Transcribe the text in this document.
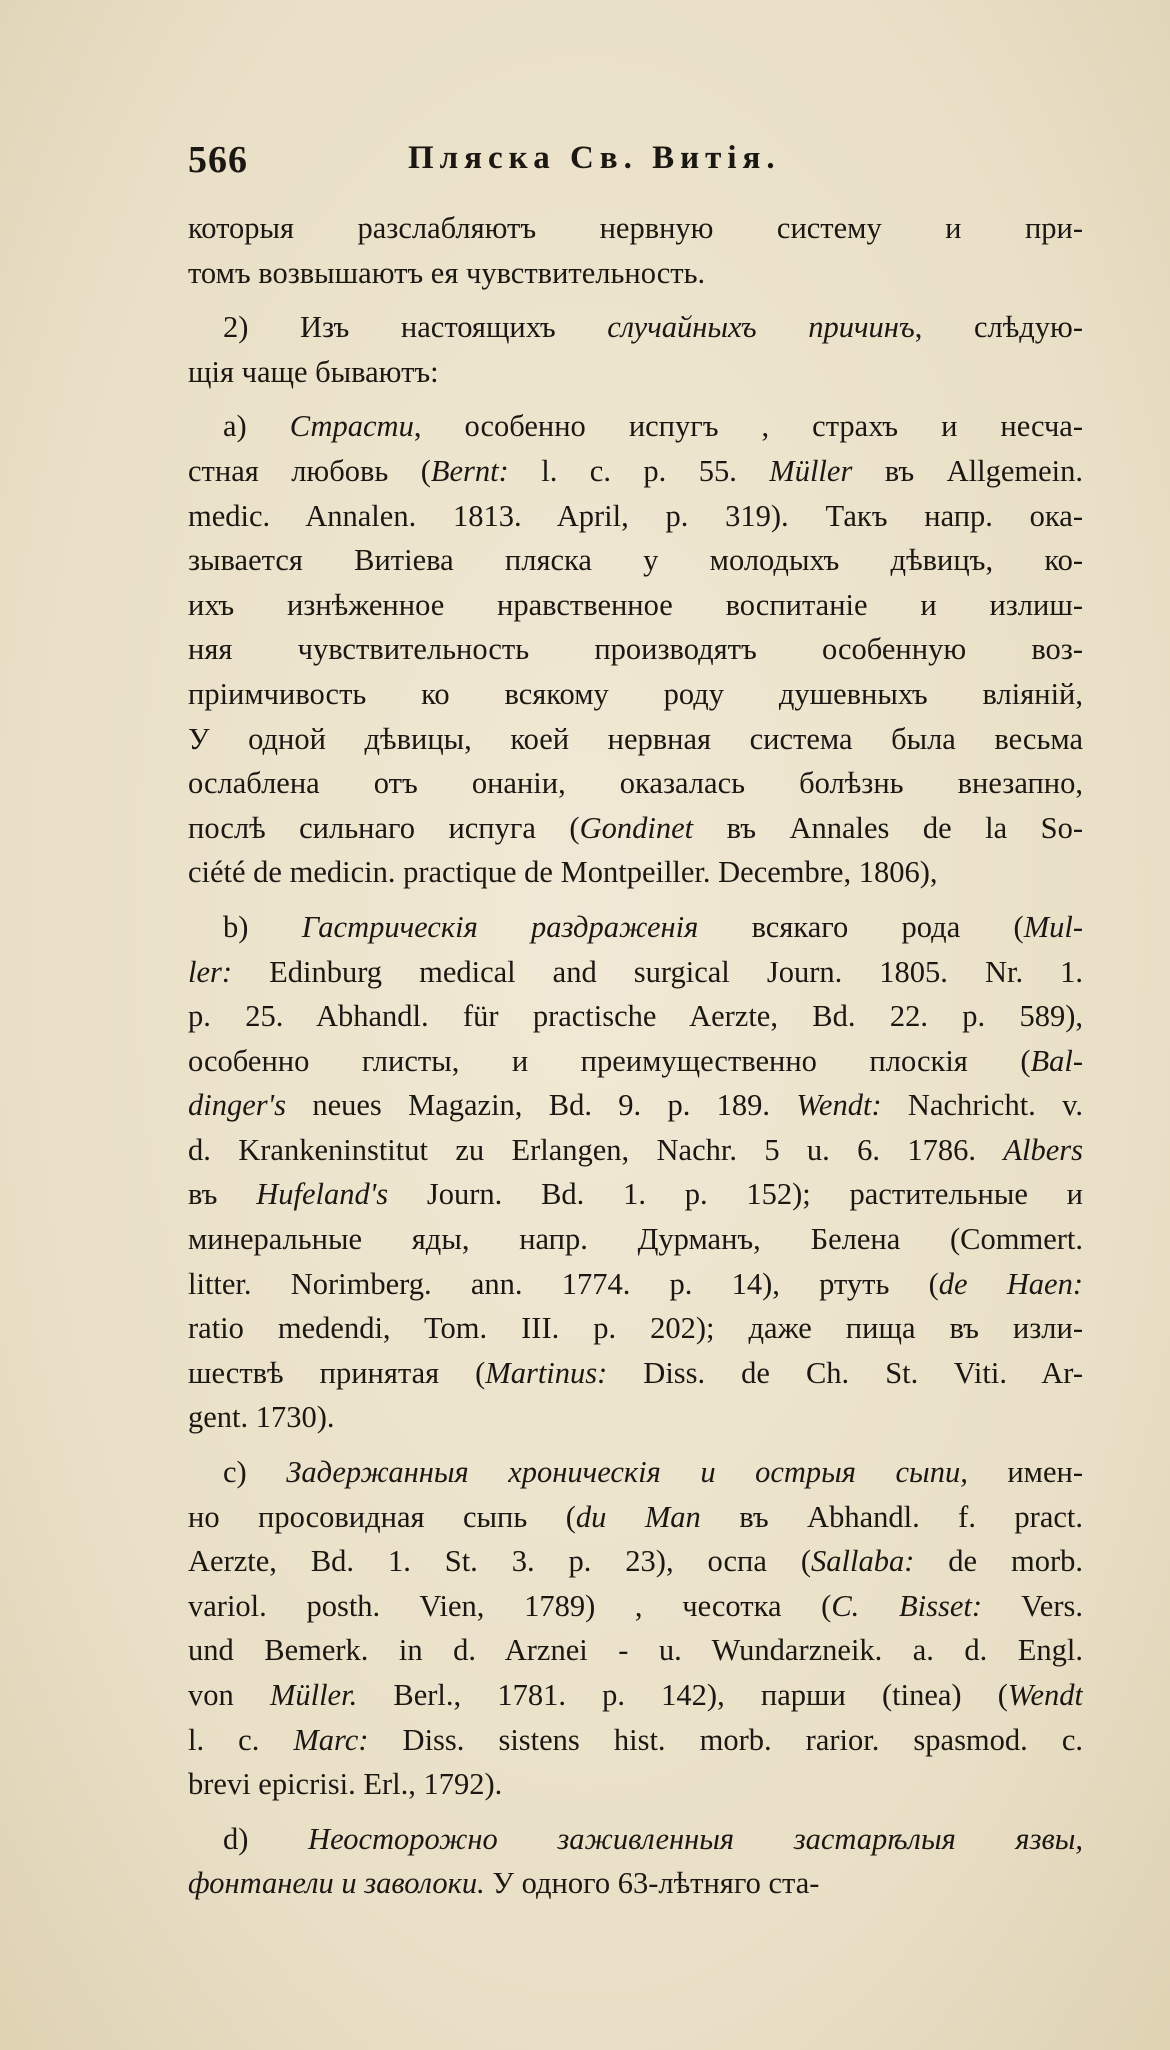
566	Пляска Св. Витія.
которыя разслабляютъ нервную систему и при-
томъ возвышаютъ ея чувствительность.
2) Изъ настоящихъ случайныхъ причинъ, слѣдую-
щія чаще бываютъ:
a) Страсти, особенно испугъ , страхъ и несча-
стная любовь (Bernt: l. c. p. 55. Müller въ Allgemein.
medic. Annalen. 1813. April, p. 319). Такъ напр. ока-
зывается Витіева пляска у молодыхъ дѣвицъ, ко-
ихъ изнѣженное нравственное воспитаніе и излиш-
няя чувствительность производятъ особенную воз-
пріимчивость ко всякому роду душевныхъ вліяній,
У одной дѣвицы, коей нервная система была весьма
ослаблена отъ онаніи, оказалась болѣзнь внезапно,
послѣ сильнаго испуга (Gondinet въ Annales de la So-
ciété de medicin. practique de Montpeiller. Decembre, 1806),
b) Гастрическія раздраженія всякаго рода (Mul-
ler: Edinburg medical and surgical Journ. 1805. Nr. 1.
p. 25. Abhandl. für practische Aerzte, Bd. 22. p. 589),
особенно глисты, и преимущественно плоскія (Bal-
dinger's neues Magazin, Bd. 9. p. 189. Wendt: Nachricht. v.
d. Krankeninstitut zu Erlangen, Nachr. 5 u. 6. 1786. Albers
въ Hufeland's Journ. Bd. 1. p. 152); растительные и
минеральные яды, напр. Дурманъ, Белена (Commert.
litter. Norimberg. ann. 1774. p. 14), ртуть (de Haen:
ratio medendi, Tom. III. p. 202); даже пища въ изли-
шествѣ принятая (Martinus: Diss. de Ch. St. Viti. Ar-
gent. 1730).
c) Задержанныя хроническія и острыя сыпи, имен-
но просовидная сыпь (du Man въ Abhandl. f. pract.
Aerzte, Bd. 1. St. 3. p. 23), оспа (Sallaba: de morb.
variol. posth. Vien, 1789) , чесотка (C. Bisset: Vers.
und Bemerk. in d. Arznei - u. Wundarzneik. a. d. Engl.
von Müller. Berl., 1781. p. 142), парши (tinea) (Wendt
l. c. Marc: Diss. sistens hist. morb. rarior. spasmod. c.
brevi epicrisi. Erl., 1792).
d) Неосторожно заживленныя застарѣлыя язвы,
фонтанели и заволоки. У одного 63-лѣтняго ста-
